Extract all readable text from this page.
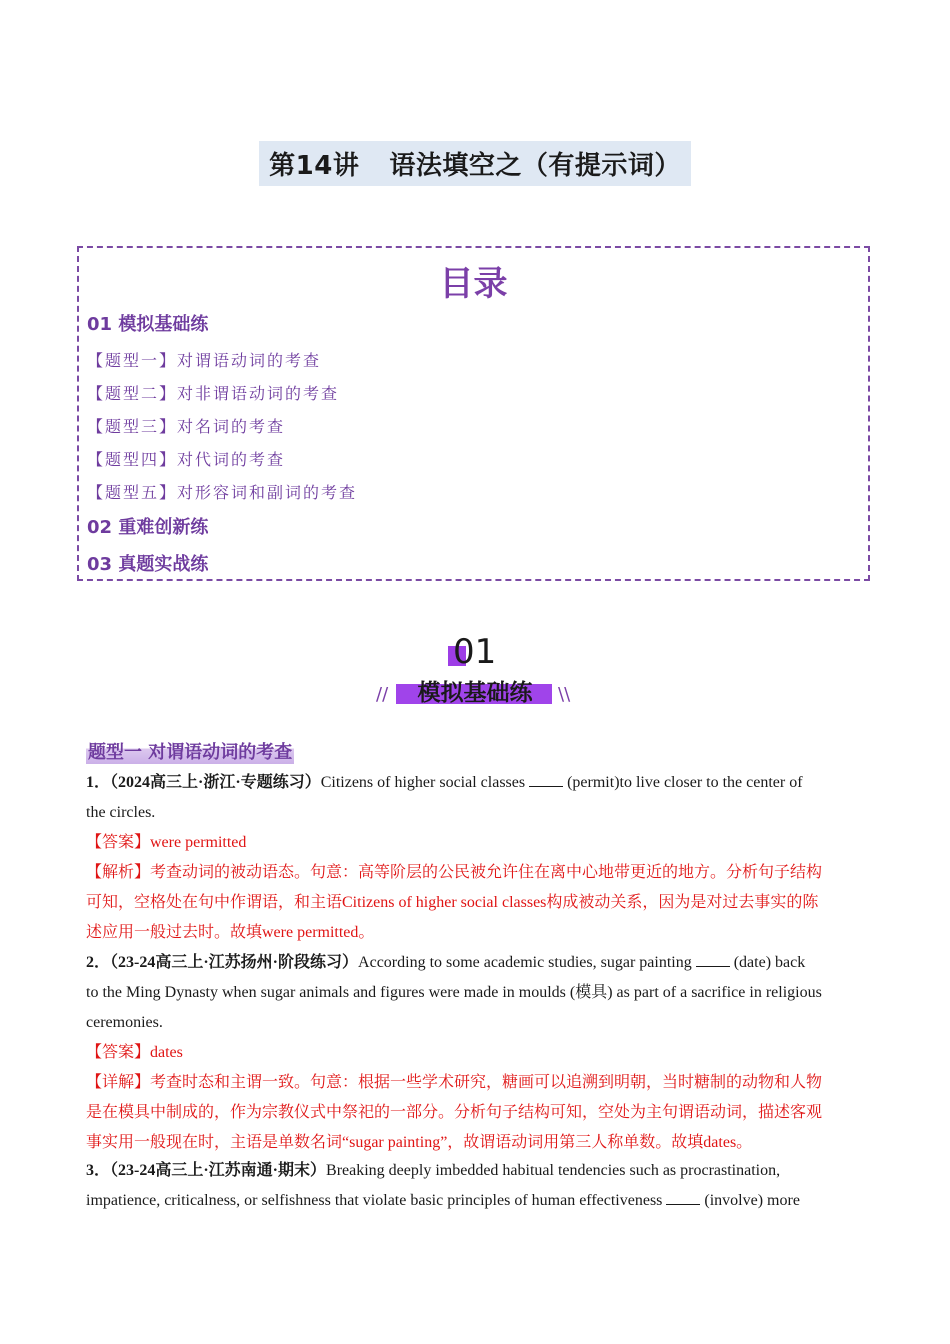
第14讲 语法填空之（有提示词）
目录
01 模拟基础练
【题型一】对谓语动词的考查
【题型二】对非谓语动词的考查
【题型三】对名词的考查
【题型四】对代词的考查
【题型五】对形容词和副词的考查
02 重难创新练
03 真题实战练
01
//	\\
模拟基础练
题型一 对谓语动词的考查
1．（2024高三上·浙江·专题练习）Citizens of higher social classes	(permit)to live closer to the center of
the circles.
【答案】were permitted
【解析】考查动词的被动语态。句意：高等阶层的公民被允许住在离中心地带更近的地方。分析句子结构
可知，空格处在句中作谓语，和主语Citizens of higher social classes构成被动关系，因为是对过去事实的陈
述应用一般过去时。故填were permitted。
2．（23-24高三上·江苏扬州·阶段练习）According to some academic studies, sugar painting	(date) back
to the Ming Dynasty when sugar animals and figures were made in moulds (模具) as part of a sacrifice in religious
ceremonies.
【答案】dates
【详解】考查时态和主谓一致。句意：根据一些学术研究，糖画可以追溯到明朝，当时糖制的动物和人物
是在模具中制成的，作为宗教仪式中祭祀的一部分。分析句子结构可知，空处为主句谓语动词，描述客观
事实用一般现在时，主语是单数名词“sugar painting”，故谓语动词用第三人称单数。故填dates。
3．（23-24高三上·江苏南通·期末）Breaking deeply imbedded habitual tendencies such as procrastination,
impatience, criticalness, or selfishness that violate basic principles of human effectiveness	(involve) more
